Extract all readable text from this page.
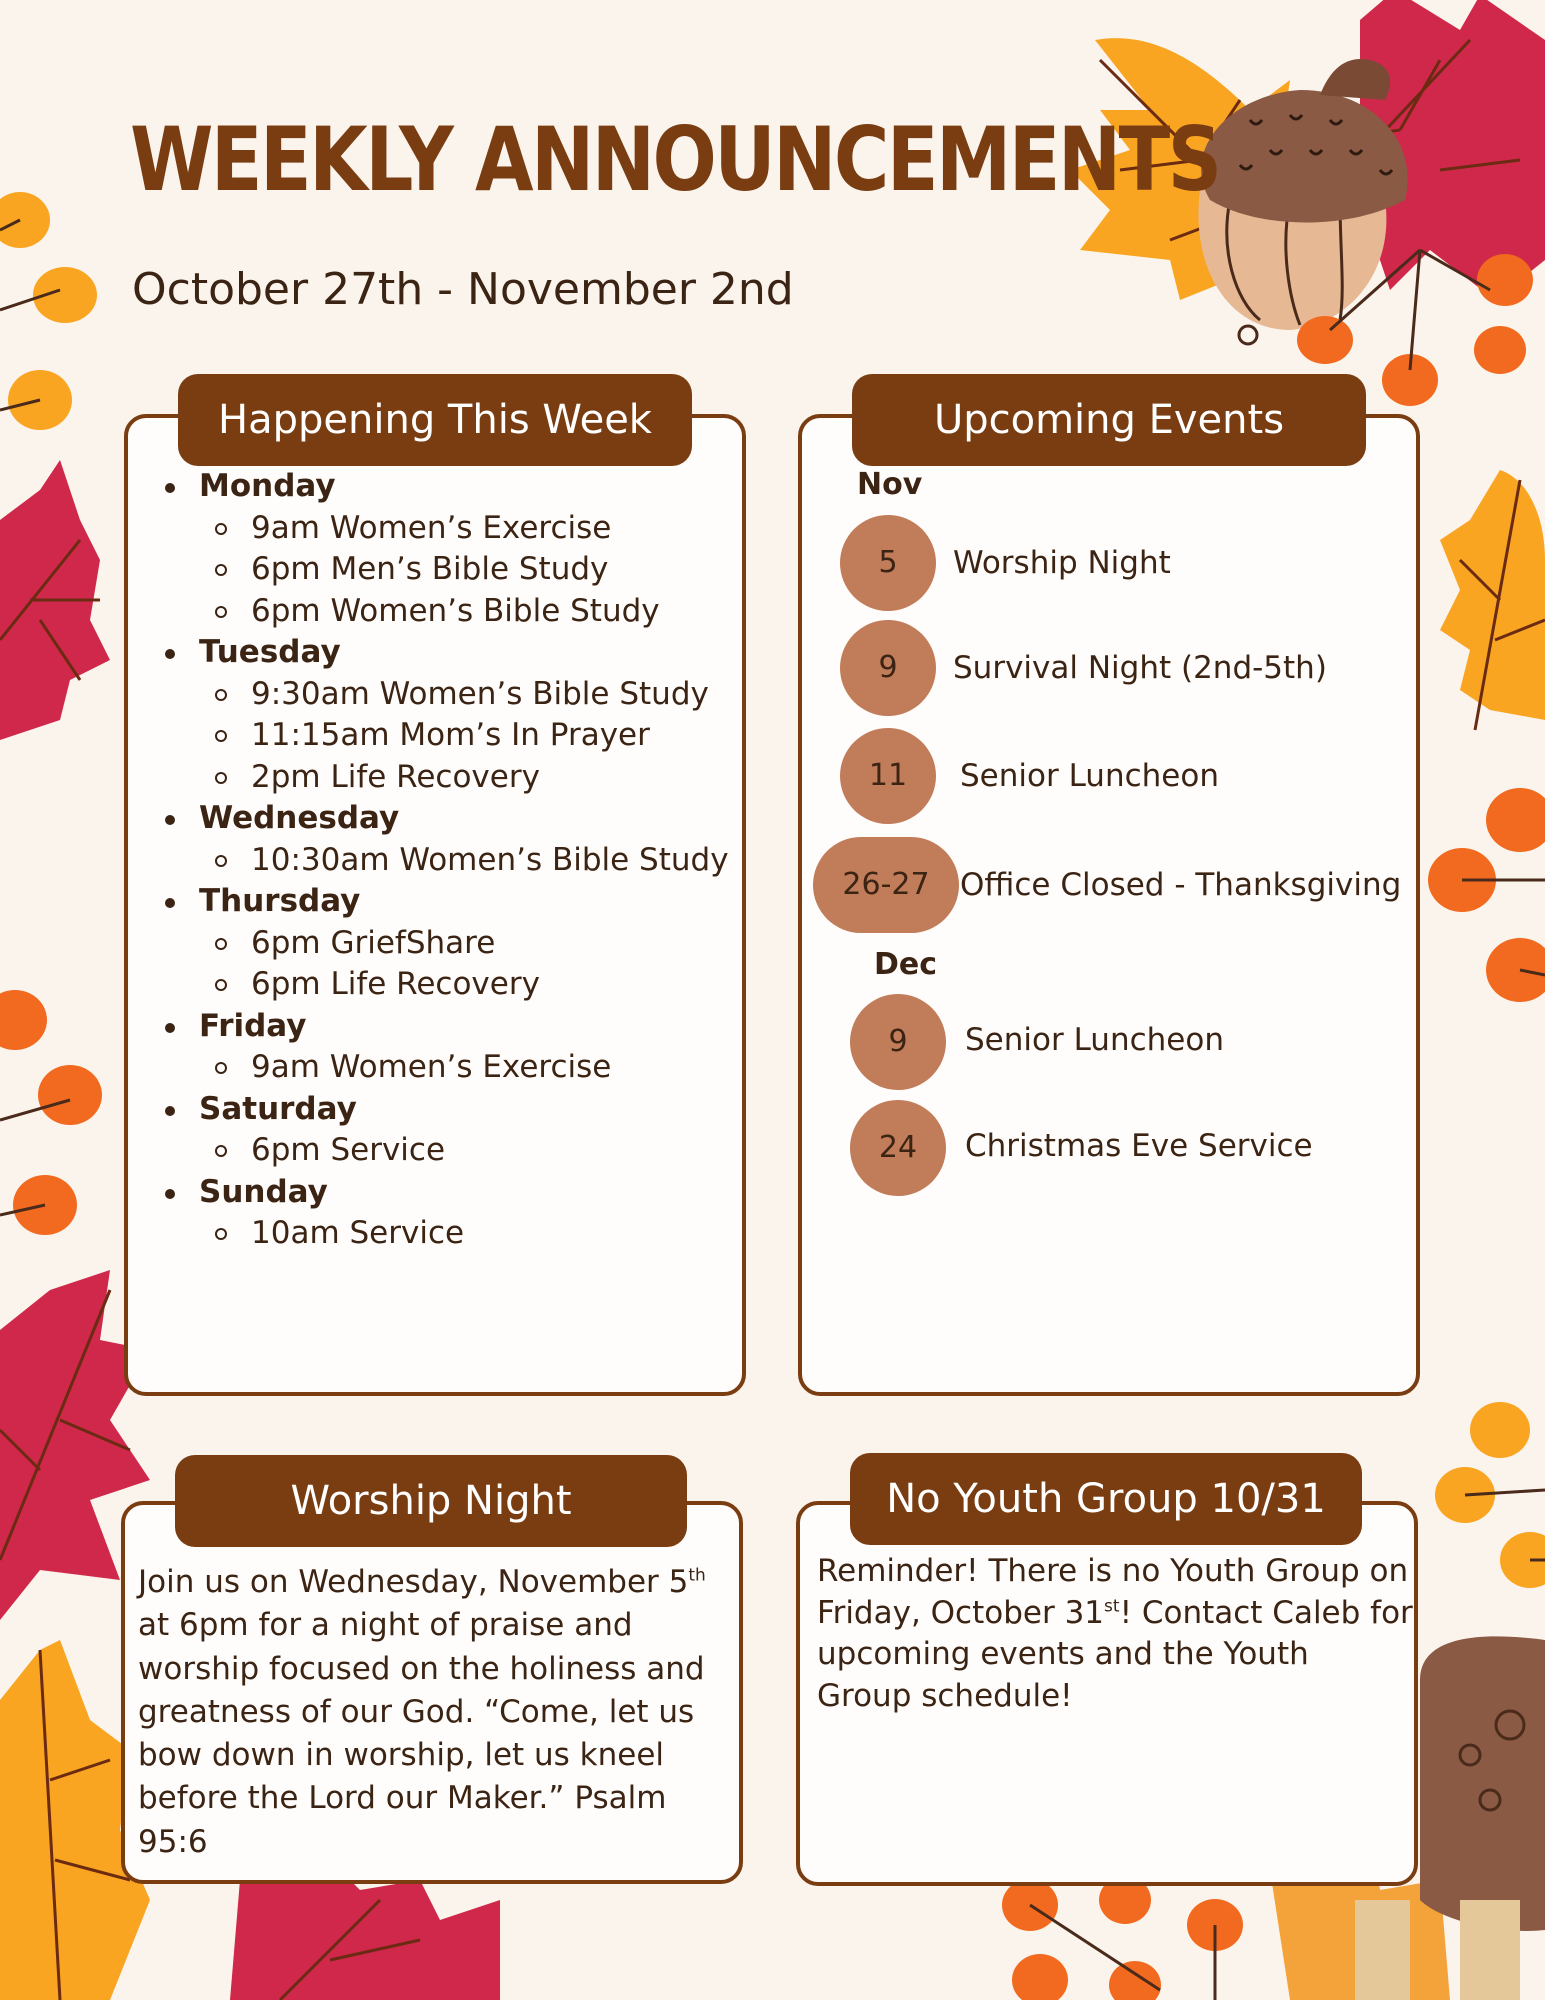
WEEKLY ANNOUNCEMENTS
October 27th - November 2nd
Happening This Week
Monday
9am Women’s Exercise
6pm Men’s Bible Study
6pm Women’s Bible Study
Tuesday
9:30am Women’s Bible Study
11:15am Mom’s In Prayer
2pm Life Recovery
Wednesday
10:30am Women’s Bible Study
Thursday
6pm GriefShare
6pm Life Recovery
Friday
9am Women’s Exercise
Saturday
6pm Service
Sunday
10am Service
Upcoming Events
Nov
5	Worship Night
9	Survival Night (2nd-5th)
11	Senior Luncheon
26-27 Office Closed - Thanksgiving
Dec
9	Senior Luncheon
24	Christmas Eve Service
Worship Night
Join us on Wednesday, November 5th
at 6pm for a night of praise and
worship focused on the holiness and
greatness of our God. “Come, let us
bow down in worship, let us kneel
before the Lord our Maker.” Psalm 95:6
No Youth Group 10/31
Reminder! There is no Youth Group on
Friday, October 31st! Contact Caleb for
upcoming events and the Youth
Group schedule!
